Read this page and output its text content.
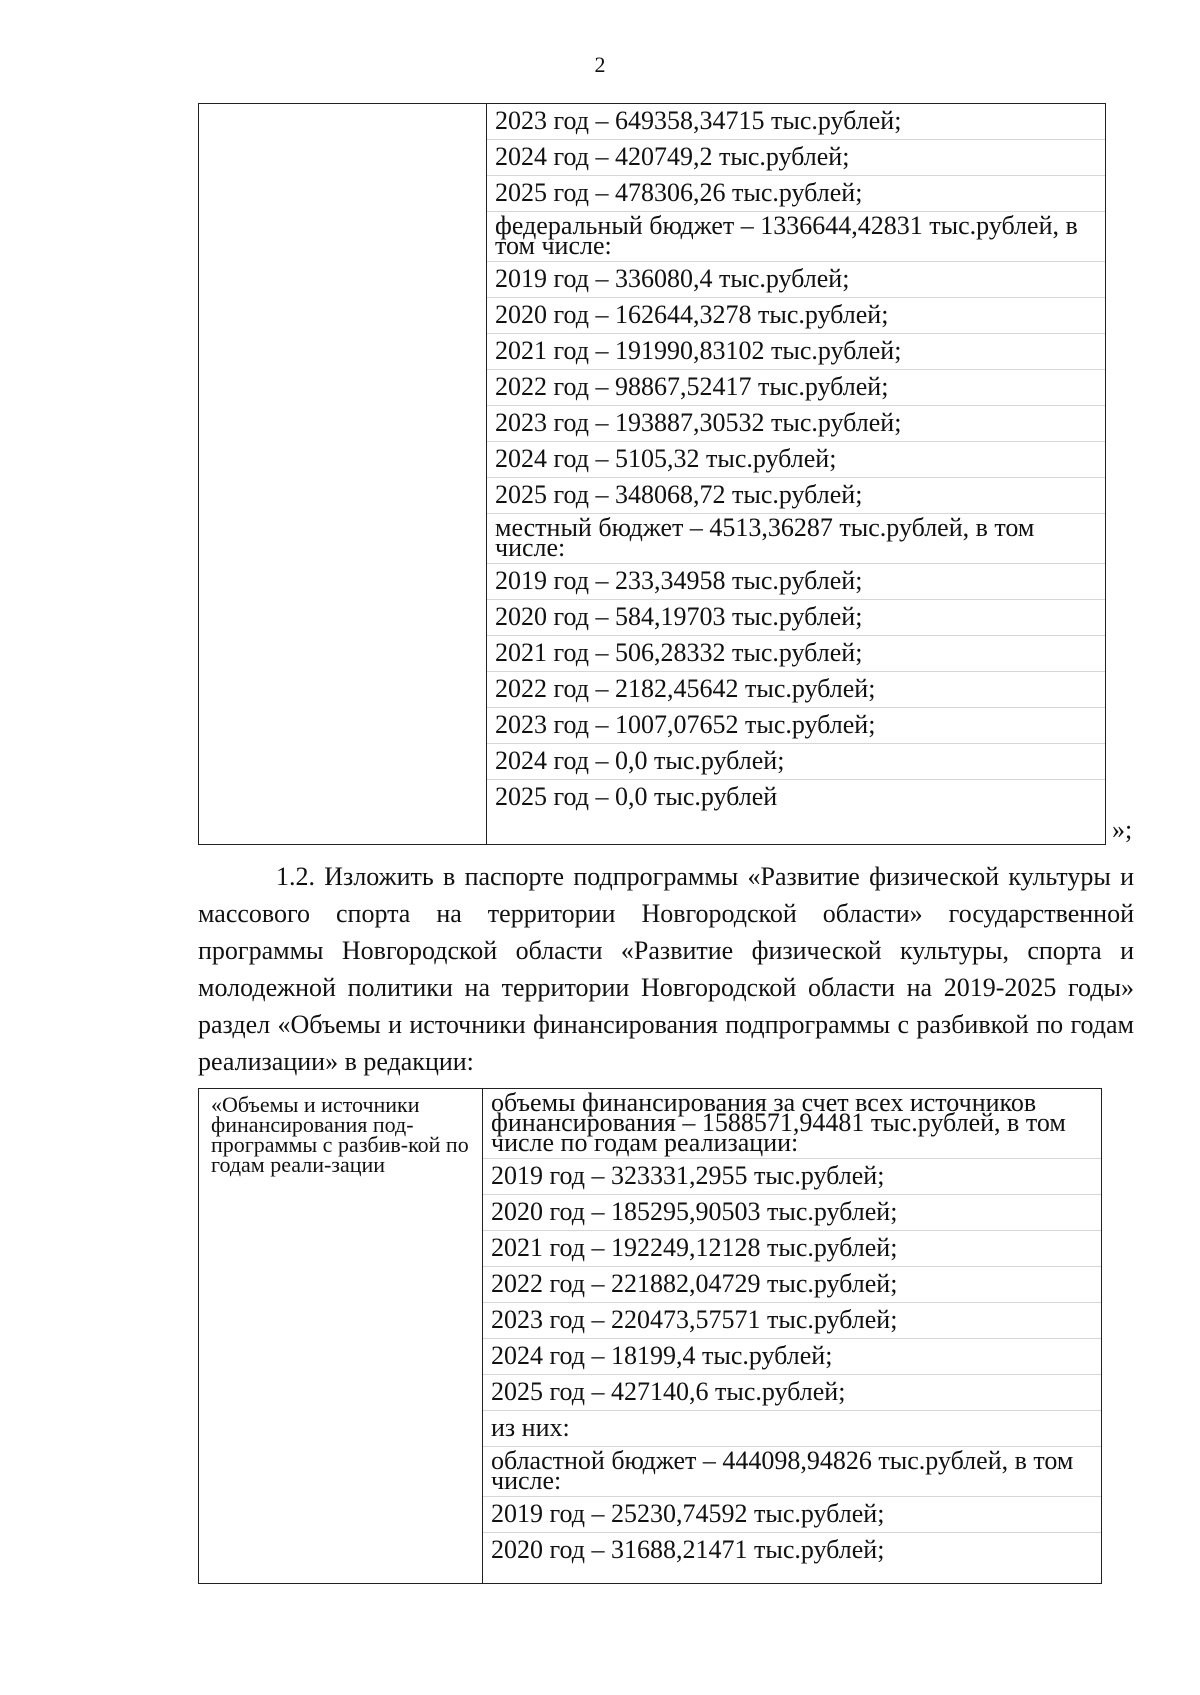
2

2023 год – 649358,34715 тыс.рублей;
2024 год – 420749,2 тыс.рублей;
2025 год – 478306,26 тыс.рублей;
федеральный бюджет – 1336644,42831 тыс.рублей, в том числе:
2019 год – 336080,4 тыс.рублей;
2020 год – 162644,3278 тыс.рублей;
2021 год – 191990,83102 тыс.рублей;
2022 год – 98867,52417 тыс.рублей;
2023 год – 193887,30532 тыс.рублей;
2024 год – 5105,32 тыс.рублей;
2025 год – 348068,72 тыс.рублей;
местный бюджет – 4513,36287 тыс.рублей, в том числе:
2019 год – 233,34958 тыс.рублей;
2020 год – 584,19703 тыс.рублей;
2021 год – 506,28332 тыс.рублей;
2022 год – 2182,45642 тыс.рублей;
2023 год – 1007,07652 тыс.рублей;
2024 год – 0,0 тыс.рублей;
2025 год – 0,0 тыс.рублей
»;

1.2. Изложить в паспорте подпрограммы «Развитие физической культуры и массового спорта на территории Новгородской области» государственной программы Новгородской области «Развитие физической культуры, спорта и молодежной политики на территории Новгородской области на 2019-2025 годы» раздел «Объемы и источники финансирования подпрограммы с разбивкой по годам реализации» в редакции:

«Объемы и источники финансирования под-программы с разбив-кой по годам реали-зации

объемы финансирования за счет всех источников финансирования – 1588571,94481 тыс.рублей, в том числе по годам реализации:
2019 год – 323331,2955 тыс.рублей;
2020 год – 185295,90503 тыс.рублей;
2021 год – 192249,12128 тыс.рублей;
2022 год – 221882,04729 тыс.рублей;
2023 год – 220473,57571 тыс.рублей;
2024 год – 18199,4 тыс.рублей;
2025 год – 427140,6 тыс.рублей;
из них:
областной бюджет – 444098,94826 тыс.рублей, в том числе:
2019 год – 25230,74592 тыс.рублей;
2020 год – 31688,21471 тыс.рублей;
